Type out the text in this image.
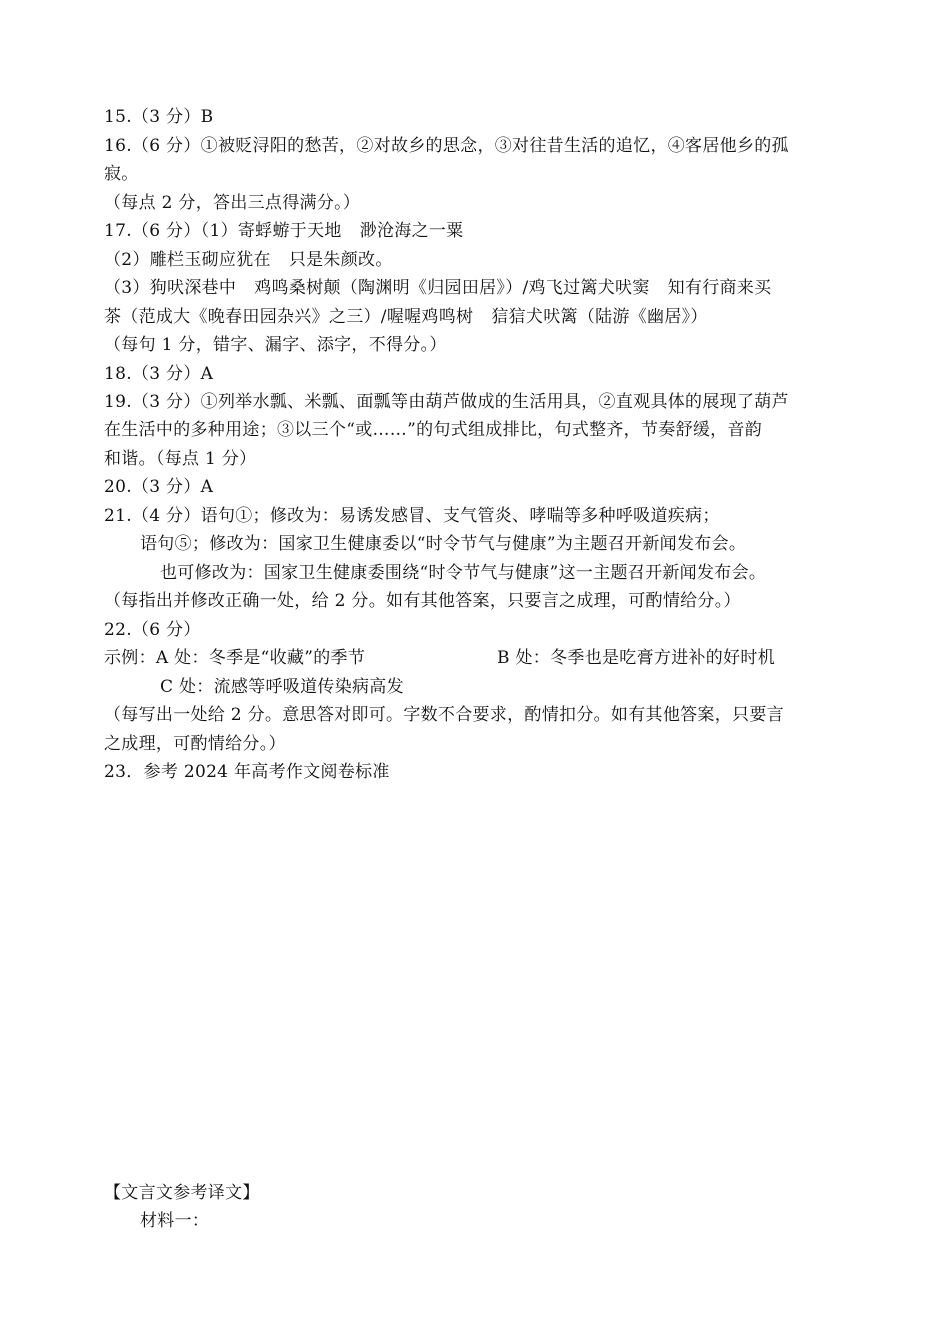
15.（3 分）B
16.（6 分）①被贬浔阳的愁苦，②对故乡的思念，③对往昔生活的追忆，④客居他乡的孤
寂。
（每点 2 分，答出三点得满分。）
17.（6 分）（1）寄蜉蝣于天地 渺沧海之一粟
（2）雕栏玉砌应犹在 只是朱颜改。
（3）狗吠深巷中 鸡鸣桑树颠（陶渊明《归园田居》）/鸡飞过篱犬吠窦 知有行商来买
茶（范成大《晚春田园杂兴》之三）/喔喔鸡鸣树 狺狺犬吠篱（陆游《幽居》）
（每句 1 分，错字、漏字、添字，不得分。）
18.（3 分）A
19.（3 分）①列举水瓢、米瓢、面瓢等由葫芦做成的生活用具，②直观具体的展现了葫芦
在生活中的多种用途；③以三个“或……”的句式组成排比，句式整齐，节奏舒缓，音韵
和谐。（每点 1 分）
20.（3 分）A
21.（4 分）语句①；修改为：易诱发感冒、支气管炎、哮喘等多种呼吸道疾病；
语句⑤；修改为：国家卫生健康委以“时令节气与健康”为主题召开新闻发布会。
也可修改为：国家卫生健康委围绕“时令节气与健康”这一主题召开新闻发布会。
（每指出并修改正确一处，给 2 分。如有其他答案，只要言之成理，可酌情给分。）
22.（6 分）
示例：A 处：冬季是“收藏”的季节	B 处：冬季也是吃膏方进补的好时机
C 处：流感等呼吸道传染病高发
（每写出一处给 2 分。意思答对即可。字数不合要求，酌情扣分。如有其他答案，只要言
之成理，可酌情给分。）
23．参考 2024 年高考作文阅卷标准
【文言文参考译文】
材料一：
